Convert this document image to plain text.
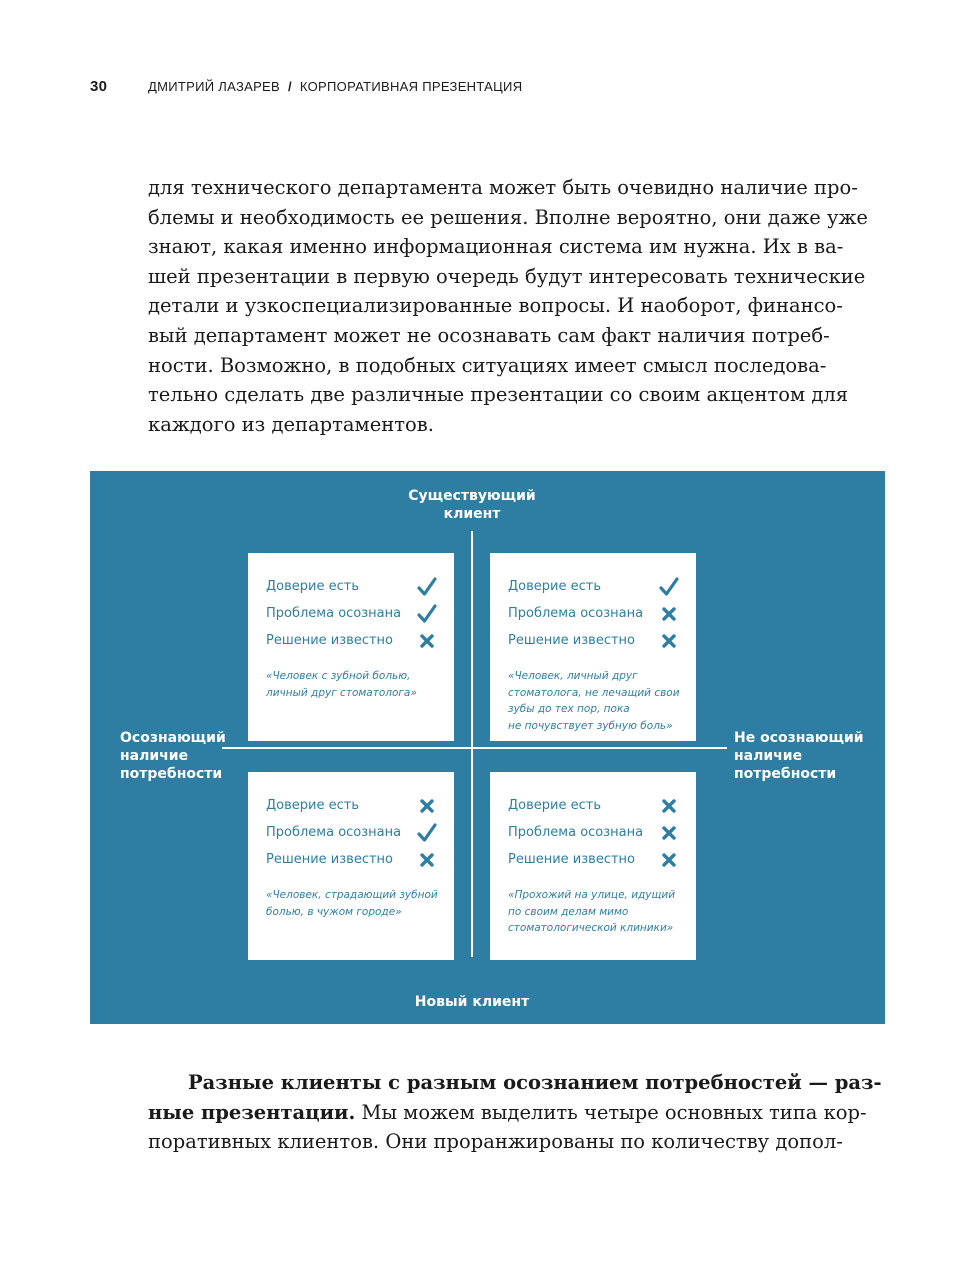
30	ДМИТРИЙ ЛАЗАРЕВ / КОРПОРАТИВНАЯ ПРЕЗЕНТАЦИЯ

для технического департамента может быть очевидно наличие про-
блемы и необходимость ее решения. Вполне вероятно, они даже уже
знают, какая именно информационная система им нужна. Их в ва-
шей презентации в первую очередь будут интересовать технические
детали и узкоспециализированные вопросы. И наоборот, финансо-
вый департамент может не осознавать сам факт наличия потреб-
ности. Возможно, в подобных ситуациях имеет смысл последова-
тельно сделать две различные презентации со своим акцентом для
каждого из департаментов.

Существующий
клиент
Новый клиент
Осознающий
наличие
потребности
Не осознающий
наличие
потребности
Доверие есть
Проблема осознана
Решение известно
«Человек с зубной болью,
личный друг стоматолога»
Доверие есть
Проблема осознана
Решение известно
«Человек, личный друг
стоматолога, не лечащий свои
зубы до тех пор, пока
не почувствует зубную боль»
Доверие есть
Проблема осознана
Решение известно
«Человек, страдающий зубной
болью, в чужом городе»
Доверие есть
Проблема осознана
Решение известно
«Прохожий на улице, идущий
по своим делам мимо
стоматологической клиники»

Разные клиенты с разным осознанием потребностей — раз-
ные презентации. Мы можем выделить четыре основных типа кор-
поративных клиентов. Они проранжированы по количеству допол-
